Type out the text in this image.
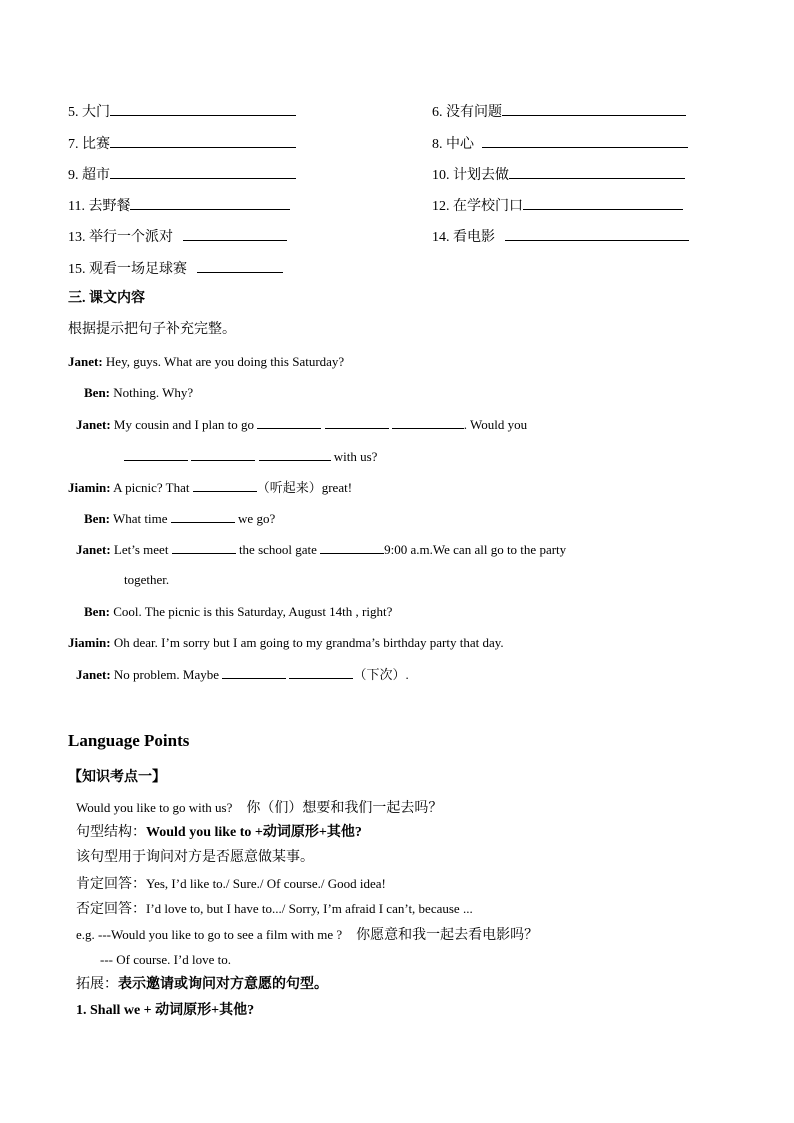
5. 大门	6. 没有问题
7. 比赛	8. 中心
9. 超市	10. 计划去做
11. 去野餐	12. 在学校门口
13. 举行一个派对	14. 看电影
15. 观看一场足球赛
三. 课文内容
根据提示把句子补充完整。
Janet: Hey, guys. What are you doing this Saturday?
Ben: Nothing. Why?
Janet: My cousin and I plan to go	. Would you
with us?
Jiamin: A picnic? That	（听起来）great!
Ben: What time	we go?
Janet: Let’s meet	the school gate	9:00 a.m.We can all go to the party
together.
Ben: Cool. The picnic is this Saturday, August 14th , right?
Jiamin: Oh dear. I’m sorry but I am going to my grandma’s birthday party that day.
Janet: No problem. Maybe	（下次）.
Language Points
【知识考点一】
Would you like to go with us? 你（们）想要和我们一起去吗？
句型结构：Would you like to +动词原形+其他?
该句型用于询问对方是否愿意做某事。
肯定回答：Yes, I’d like to./ Sure./ Of course./ Good idea!
否定回答：I’d love to, but I have to.../ Sorry, I’m afraid I can’t, because ...
e.g. ---Would you like to go to see a film with me ? 你愿意和我一起去看电影吗？
--- Of course. I’d love to.
拓展：表示邀请或询问对方意愿的句型。
1. Shall we + 动词原形+其他?
